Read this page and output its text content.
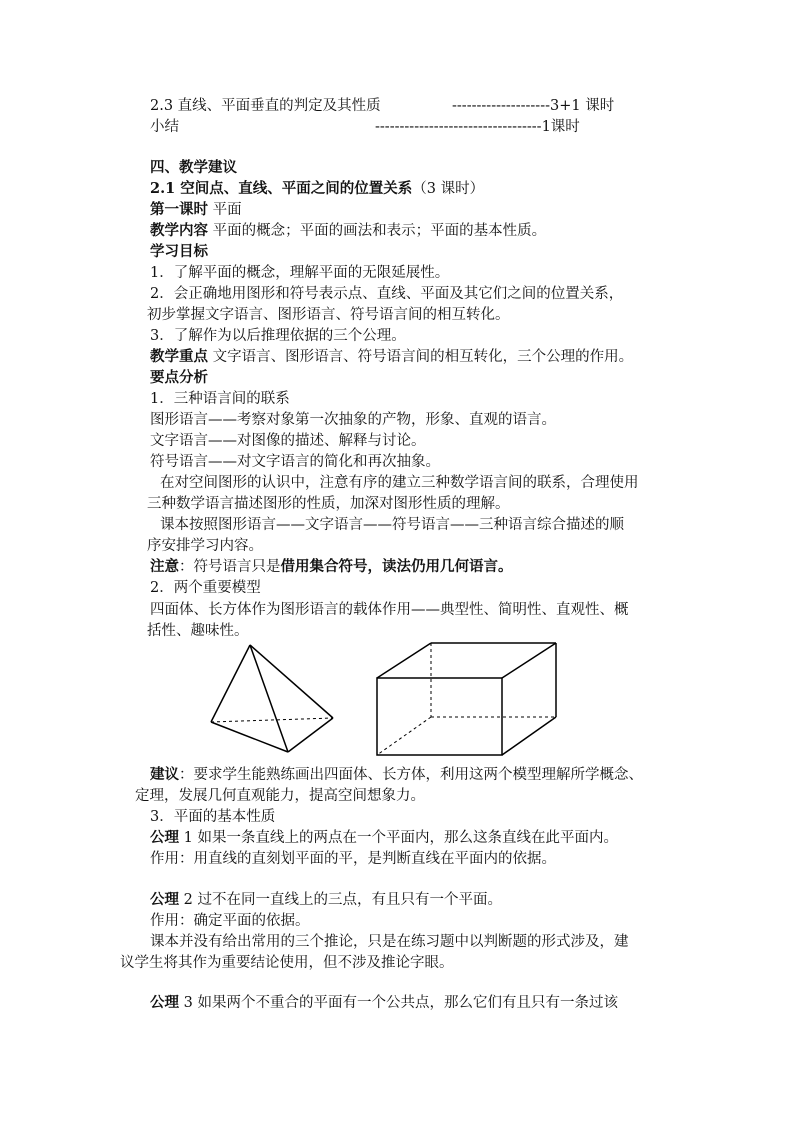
2.3 直线、平面垂直的判定及其性质	--------------------3+1 课时
小结	----------------------------------1课时
四、教学建议
2.1 空间点、直线、平面之间的位置关系（3 课时）
第一课时 平面
教学内容 平面的概念；平面的画法和表示；平面的基本性质。
学习目标
1．了解平面的概念，理解平面的无限延展性。
2．会正确地用图形和符号表示点、直线、平面及其它们之间的位置关系，
初步掌握文字语言、图形语言、符号语言间的相互转化。
3．了解作为以后推理依据的三个公理。
教学重点 文字语言、图形语言、符号语言间的相互转化，三个公理的作用。
要点分析
1．三种语言间的联系
图形语言——考察对象第一次抽象的产物，形象、直观的语言。
文字语言——对图像的描述、解释与讨论。
符号语言——对文字语言的简化和再次抽象。
在对空间图形的认识中，注意有序的建立三种数学语言间的联系，合理使用
三种数学语言描述图形的性质，加深对图形性质的理解。
课本按照图形语言——文字语言——符号语言——三种语言综合描述的顺
序安排学习内容。
注意：符号语言只是借用集合符号，读法仍用几何语言。
2．两个重要模型
四面体、长方体作为图形语言的载体作用——典型性、简明性、直观性、概
括性、趣味性。
建议：要求学生能熟练画出四面体、长方体，利用这两个模型理解所学概念、
定理，发展几何直观能力，提高空间想象力。
3．平面的基本性质
公理 1 如果一条直线上的两点在一个平面内，那么这条直线在此平面内。
作用：用直线的直刻划平面的平，是判断直线在平面内的依据。
公理 2 过不在同一直线上的三点，有且只有一个平面。
作用：确定平面的依据。
课本并没有给出常用的三个推论，只是在练习题中以判断题的形式涉及，建
议学生将其作为重要结论使用，但不涉及推论字眼。
公理 3 如果两个不重合的平面有一个公共点，那么它们有且只有一条过该
